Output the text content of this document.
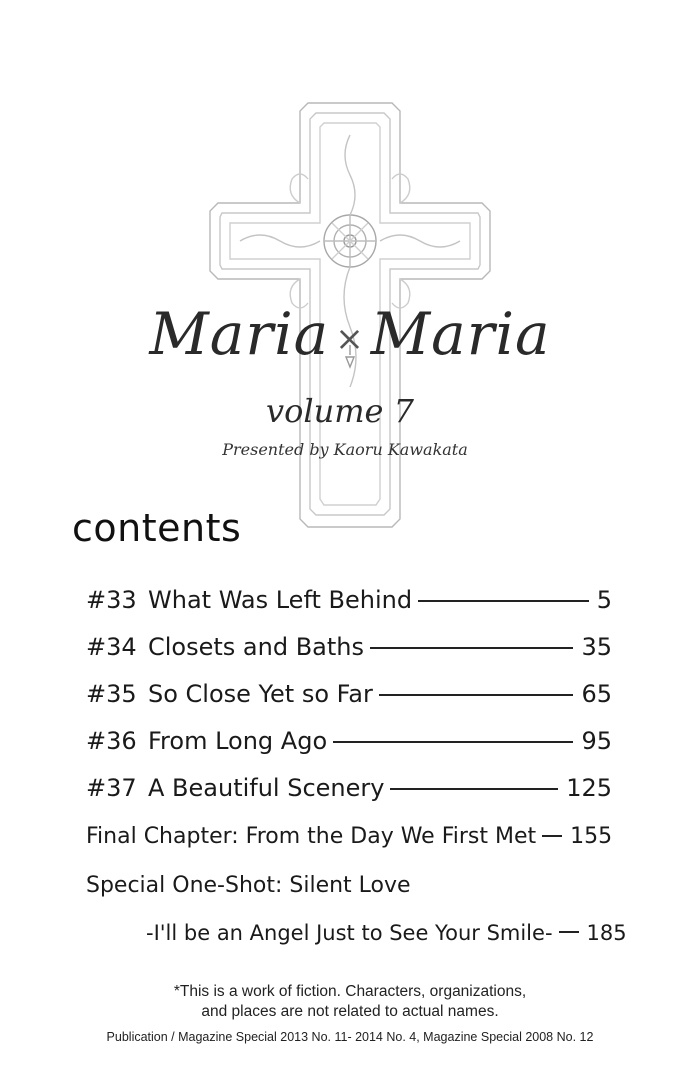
Maria × Maria
volume 7
Presented by Kaoru Kawakata
contents
#33 What Was Left Behind	5
#34 Closets and Baths	35
#35 So Close Yet so Far	65
#36 From Long Ago	95
#37 A Beautiful Scenery	125
Final Chapter: From the Day We First Met 155
Special One-Shot: Silent Love
-I'll be an Angel Just to See Your Smile- 185
*This is a work of fiction. Characters, organizations,
and places are not related to actual names.
Publication / Magazine Special 2013 No. 11- 2014 No. 4, Magazine Special 2008 No. 12
